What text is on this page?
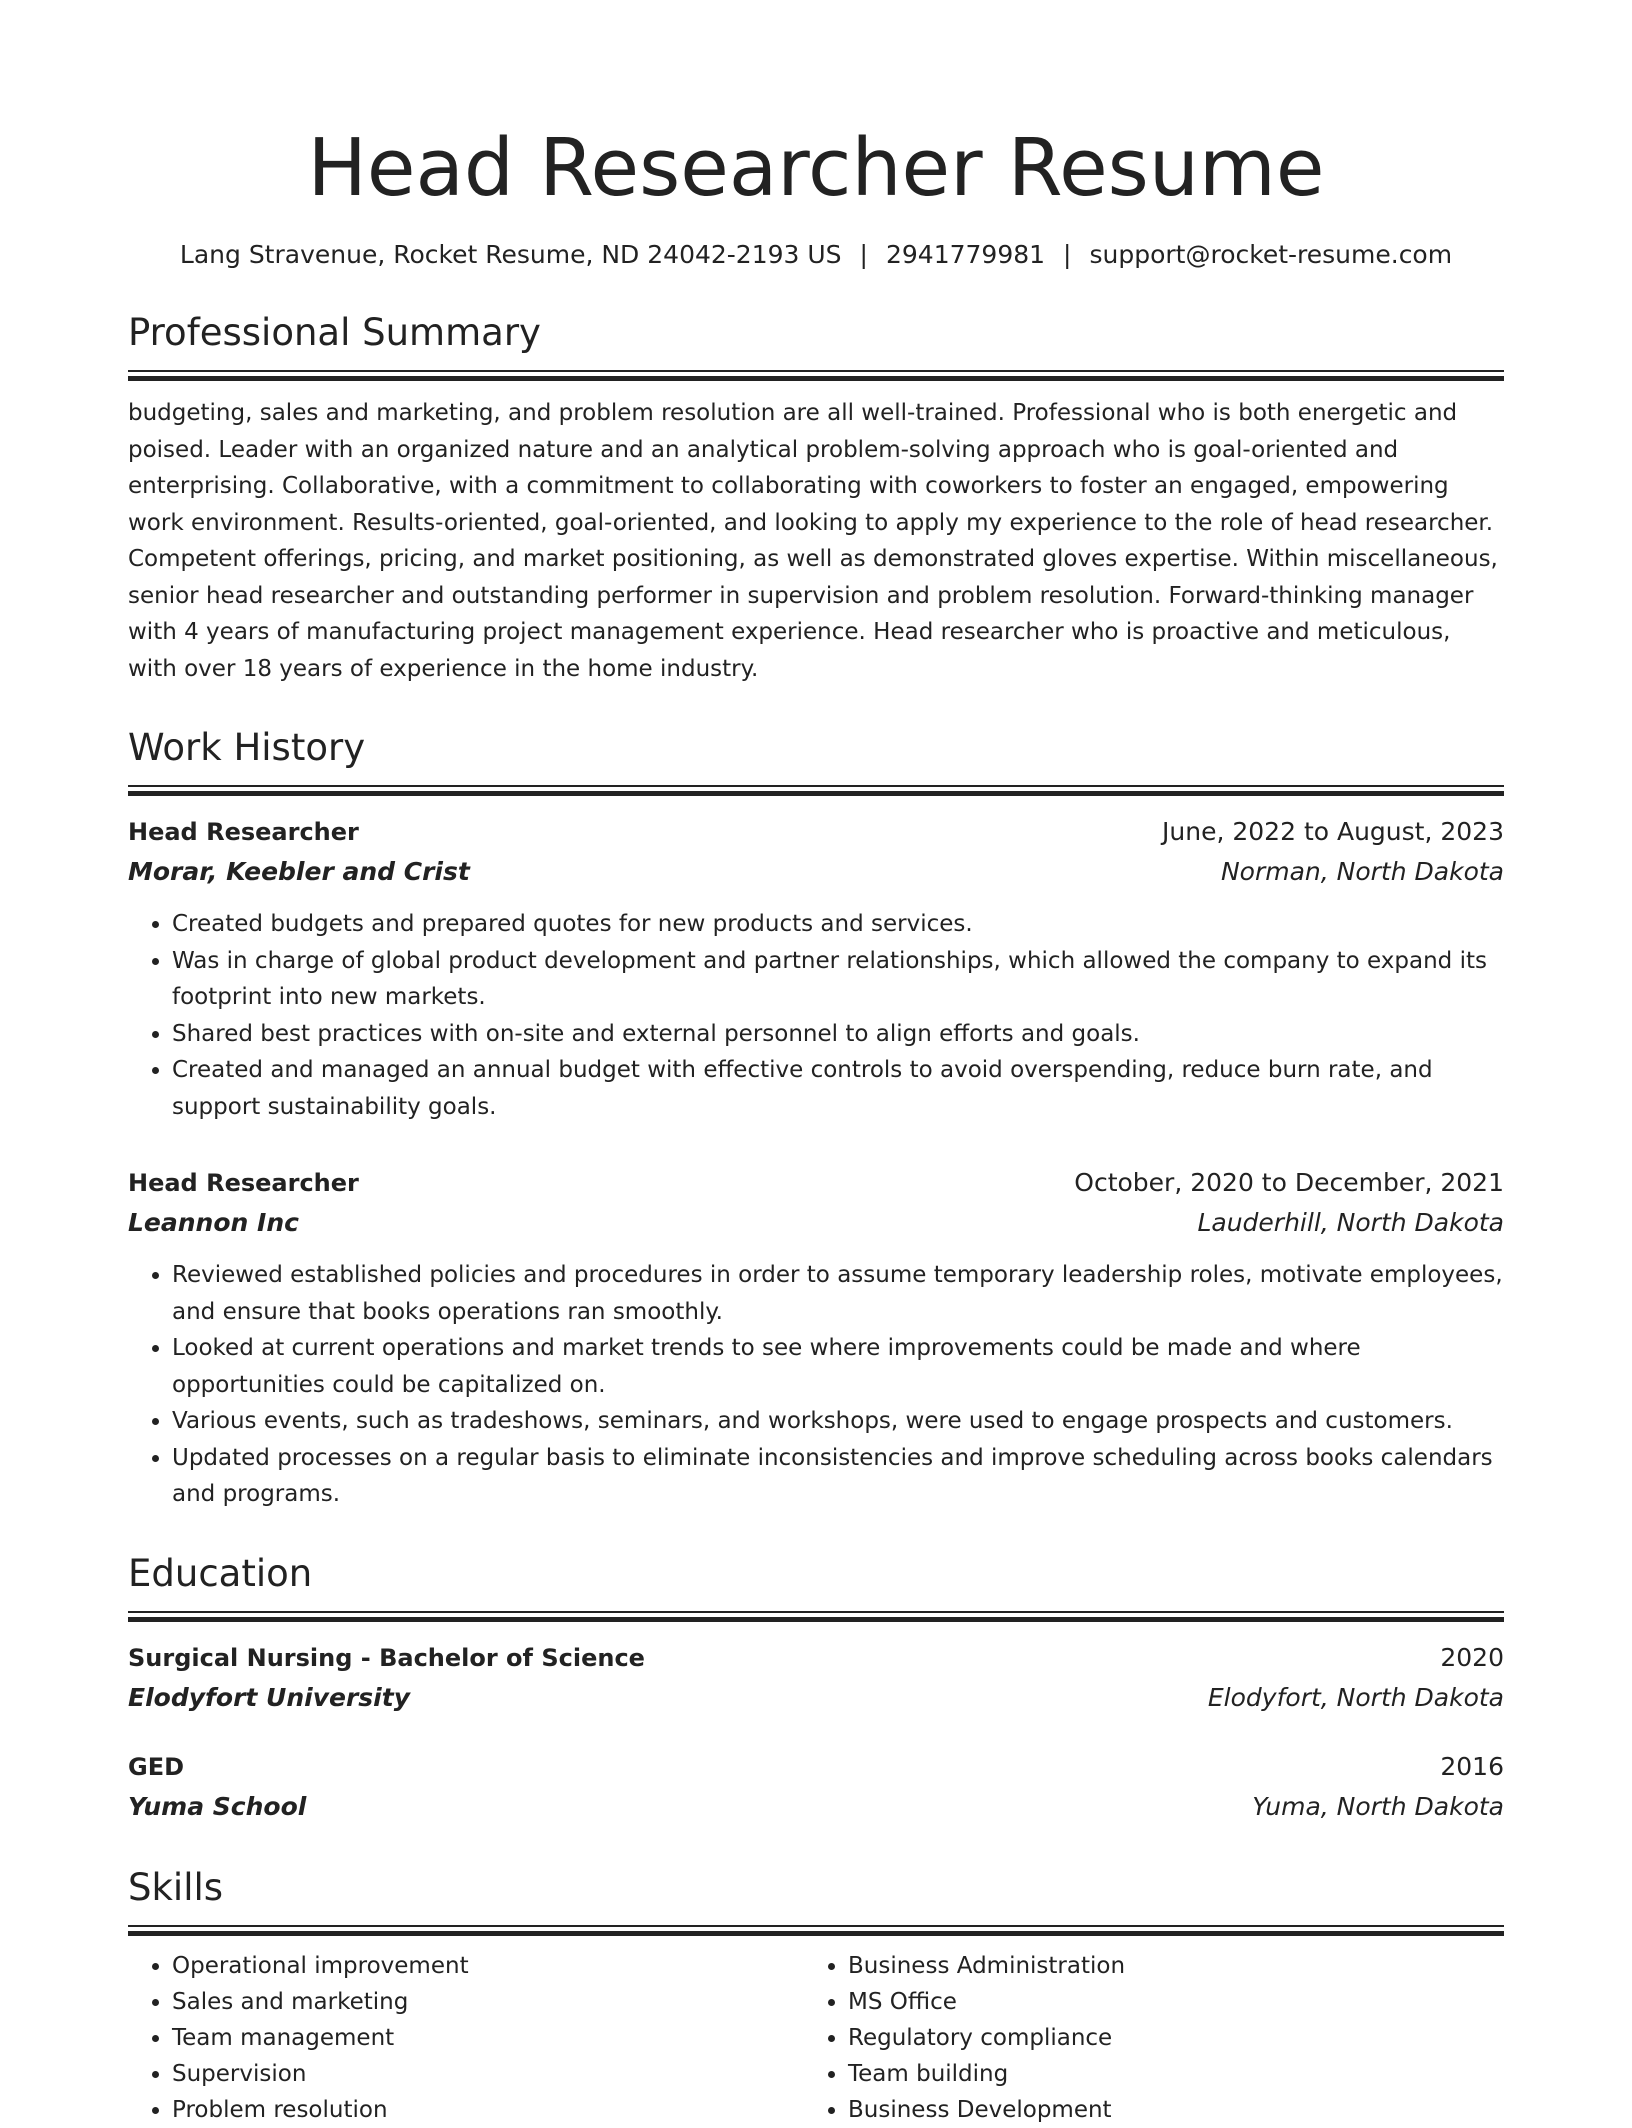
Head Researcher Resume
Lang Stravenue, Rocket Resume, ND 24042-2193 US | 2941779981 | support@rocket-resume.com
Professional Summary

budgeting, sales and marketing, and problem resolution are all well-trained. Professional who is both energetic and poised. Leader with an organized nature and an analytical problem-solving approach who is goal-oriented and enterprising. Collaborative, with a commitment to collaborating with coworkers to foster an engaged, empowering work environment. Results-oriented, goal-oriented, and looking to apply my experience to the role of head researcher. Competent offerings, pricing, and market positioning, as well as demonstrated gloves expertise. Within miscellaneous, senior head researcher and outstanding performer in supervision and problem resolution. Forward-thinking manager with 4 years of manufacturing project management experience. Head researcher who is proactive and meticulous, with over 18 years of experience in the home industry.

Work History
Head Researcher	June, 2022 to August, 2023
Morar, Keebler and Crist	Norman, North Dakota
• Created budgets and prepared quotes for new products and services.
• Was in charge of global product development and partner relationships, which allowed the company to expand its footprint into new markets.
• Shared best practices with on-site and external personnel to align efforts and goals.
• Created and managed an annual budget with effective controls to avoid overspending, reduce burn rate, and support sustainability goals.
Head Researcher	October, 2020 to December, 2021
Leannon Inc	Lauderhill, North Dakota
• Reviewed established policies and procedures in order to assume temporary leadership roles, motivate employees, and ensure that books operations ran smoothly.
• Looked at current operations and market trends to see where improvements could be made and where opportunities could be capitalized on.
• Various events, such as tradeshows, seminars, and workshops, were used to engage prospects and customers.
• Updated processes on a regular basis to eliminate inconsistencies and improve scheduling across books calendars and programs.
Education
Surgical Nursing - Bachelor of Science	2020
Elodyfort University	Elodyfort, North Dakota
GED	2016
Yuma School	Yuma, North Dakota
Skills
• Operational improvement
• Sales and marketing
• Team management
• Supervision
• Problem resolution
• Business Administration
• MS Office
• Regulatory compliance
• Team building
• Business Development
